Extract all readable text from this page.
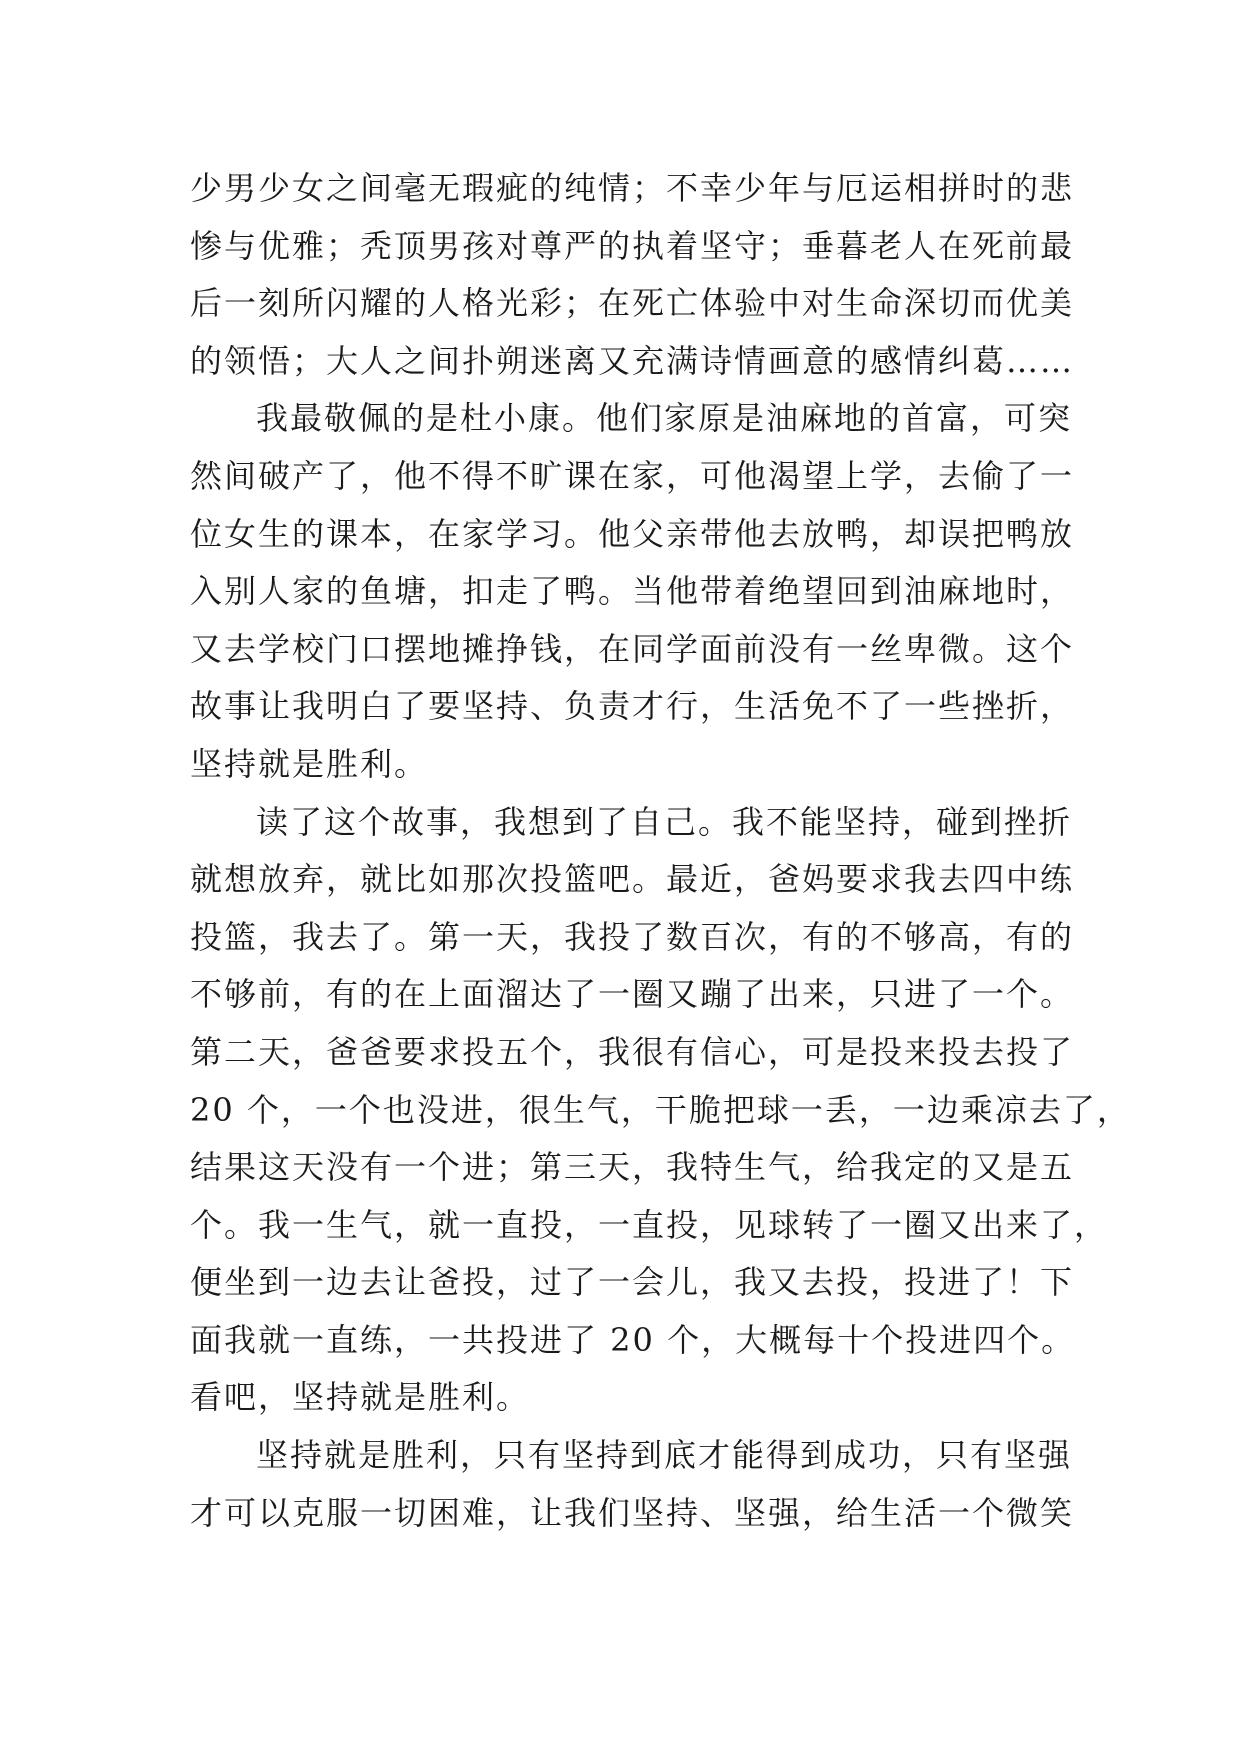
少男少女之间毫无瑕疵的纯情；不幸少年与厄运相拼时的悲
惨与优雅；秃顶男孩对尊严的执着坚守；垂暮老人在死前最
后一刻所闪耀的人格光彩；在死亡体验中对生命深切而优美
的领悟；大人之间扑朔迷离又充满诗情画意的感情纠葛……
我最敬佩的是杜小康。他们家原是油麻地的首富，可突
然间破产了，他不得不旷课在家，可他渴望上学，去偷了一
位女生的课本，在家学习。他父亲带他去放鸭，却误把鸭放
入别人家的鱼塘，扣走了鸭。当他带着绝望回到油麻地时，
又去学校门口摆地摊挣钱，在同学面前没有一丝卑微。这个
故事让我明白了要坚持、负责才行，生活免不了一些挫折，
坚持就是胜利。
读了这个故事，我想到了自己。我不能坚持，碰到挫折
就想放弃，就比如那次投篮吧。最近，爸妈要求我去四中练
投篮，我去了。第一天，我投了数百次，有的不够高，有的
不够前，有的在上面溜达了一圈又蹦了出来，只进了一个。
第二天，爸爸要求投五个，我很有信心，可是投来投去投了
20 个，一个也没进，很生气，干脆把球一丢，一边乘凉去了，
结果这天没有一个进；第三天，我特生气，给我定的又是五
个。我一生气，就一直投，一直投，见球转了一圈又出来了，
便坐到一边去让爸投，过了一会儿，我又去投，投进了！下
面我就一直练，一共投进了 20 个，大概每十个投进四个。
看吧，坚持就是胜利。
坚持就是胜利，只有坚持到底才能得到成功，只有坚强
才可以克服一切困难，让我们坚持、坚强，给生活一个微笑
